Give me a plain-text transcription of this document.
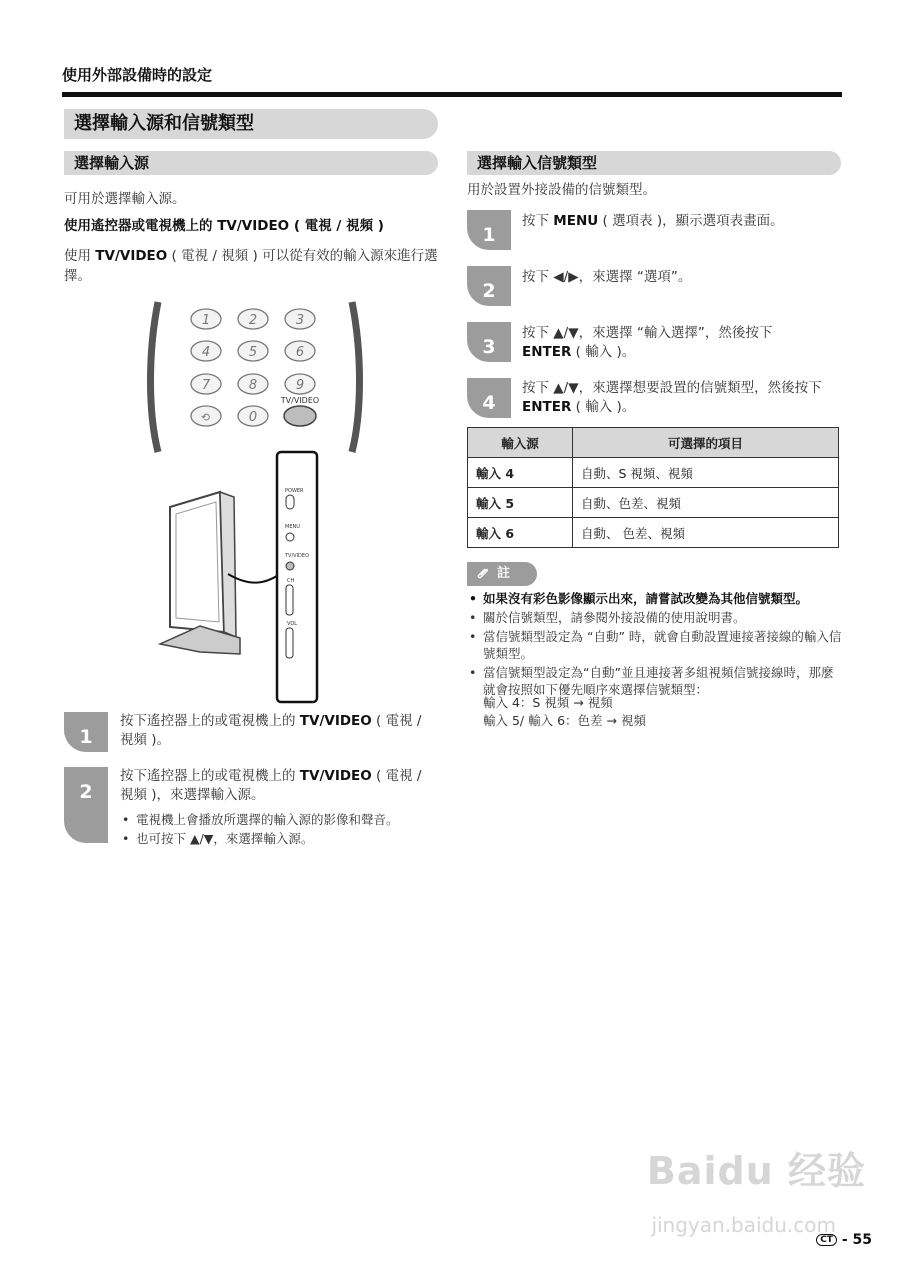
使用外部設備時的設定
選擇輸入源和信號類型
選擇輸入源
可用於選擇輸入源。
使用遙控器或電視機上的 TV/VIDEO ( 電視 / 視頻 )
使用 TV/VIDEO ( 電視 / 視頻 ) 可以從有效的輸入源來進行選擇。
1	2	3
4	5	6
7	8	9
⟲	0
TV/VIDEO
POWER
MENU
TV/VIDEO
CH
VOL
1
按下遙控器上的或電視機上的 TV/VIDEO ( 電視 / 視頻 )。
2
按下遙控器上的或電視機上的 TV/VIDEO ( 電視 / 視頻 )，來選擇輸入源。
• 電視機上會播放所選擇的輸入源的影像和聲音。
• 也可按下 ▲/▼，來選擇輸入源。
選擇輸入信號類型
用於設置外接設備的信號類型。
1
按下 MENU ( 選項表 )，顯示選項表畫面。
2
按下 ◀/▶，來選擇 “選項”。
3
按下 ▲/▼，來選擇 “輸入選擇”，然後按下
ENTER ( 輸入 )。
4
按下 ▲/▼，來選擇想要設置的信號類型，然後按下 ENTER ( 輸入 )。
輸入源	可選擇的項目
輸入 4	自動、S 視頻、視頻
輸入 5	自動、色差、視頻
輸入 6	自動、 色差、視頻
註
• 如果沒有彩色影像顯示出來，請嘗試改變為其他信號類型。
• 關於信號類型，請參閱外接設備的使用說明書。
• 當信號類型設定為 “自動” 時，就會自動設置連接著接線的輸入信號類型。
• 當信號類型設定為“自動”並且連接著多組視頻信號接線時，那麼就會按照如下優先順序來選擇信號類型：
輸入 4：S 視頻 → 視頻
輸入 5/ 輸入 6：色差 → 視頻
Baidu 经验
jingyan.baidu.com
CT - 55
